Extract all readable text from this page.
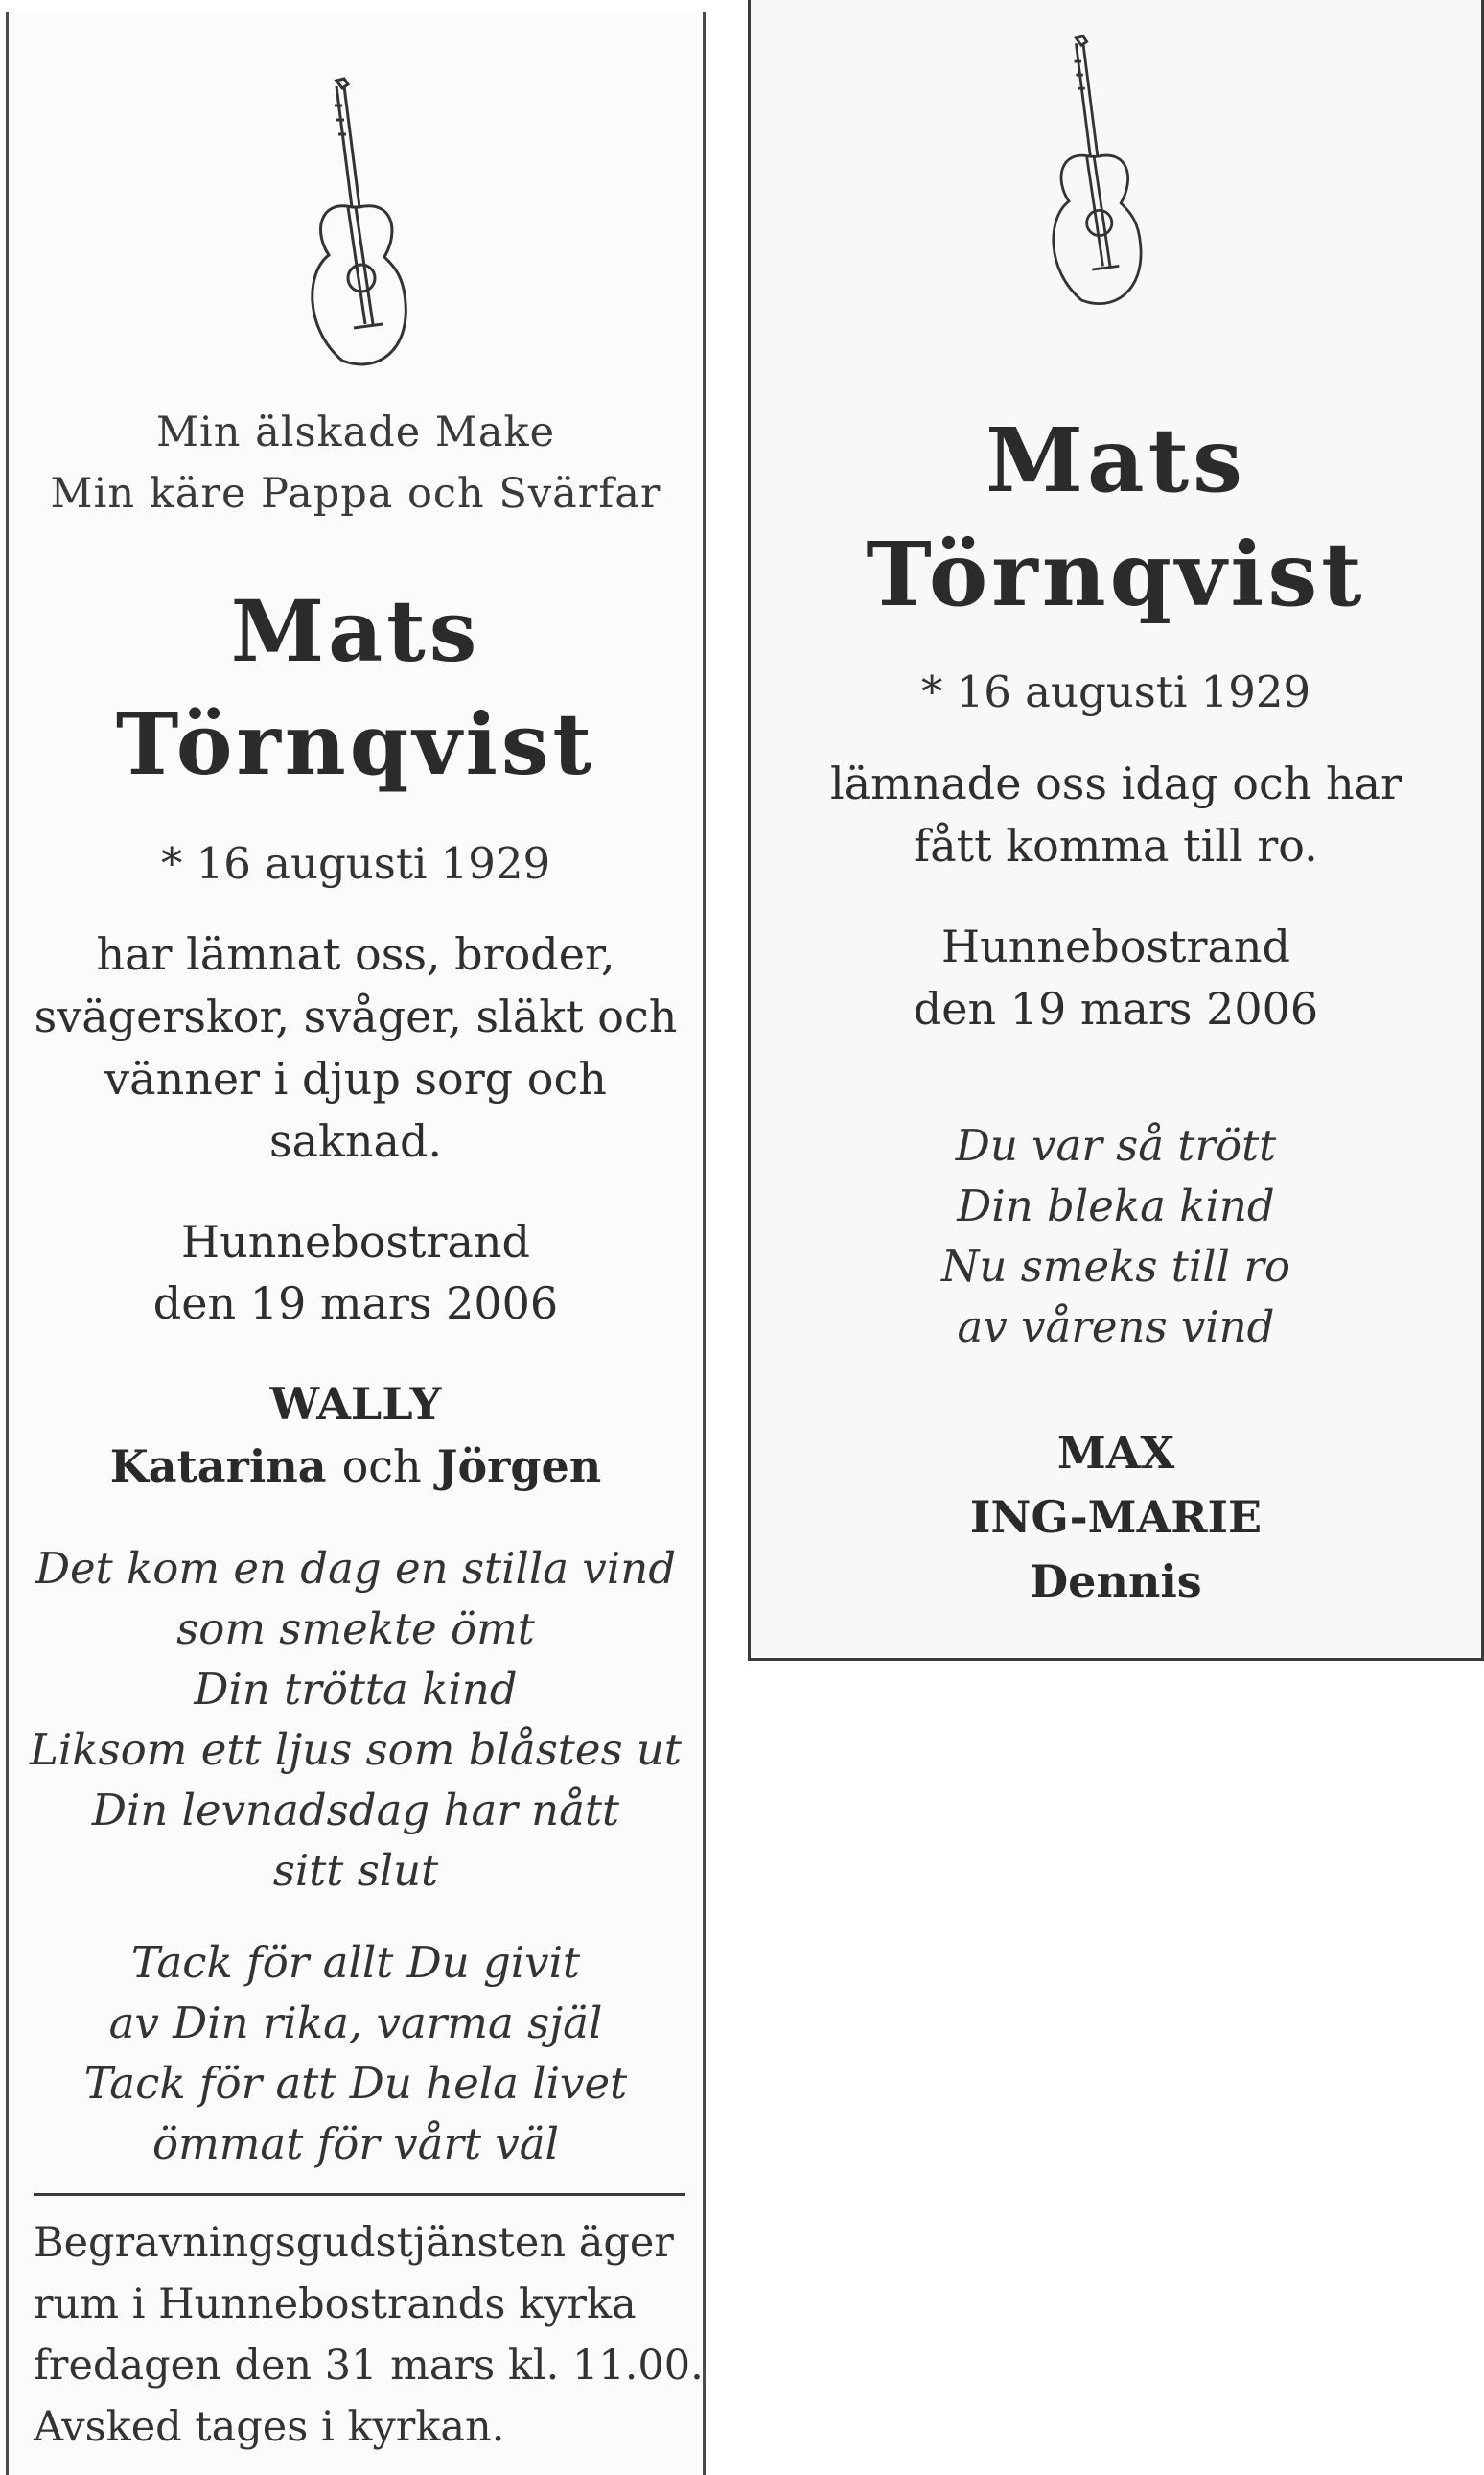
Min älskade Make
Min käre Pappa och Svärfar
Mats
Törnqvist
* 16 augusti 1929
har lämnat oss, broder,
svägerskor, svåger, släkt och
vänner i djup sorg och
saknad.
Hunnebostrand
den 19 mars 2006
WALLY
Katarina och Jörgen
Det kom en dag en stilla vind
som smekte ömt
Din trötta kind
Liksom ett ljus som blåstes ut
Din levnadsdag har nått
sitt slut
Tack för allt Du givit
av Din rika, varma själ
Tack för att Du hela livet
ömmat för vårt väl
Begravningsgudstjänsten äger
rum i Hunnebostrands kyrka
fredagen den 31 mars kl. 11.00.
Avsked tages i kyrkan.
Mats
Törnqvist
* 16 augusti 1929
lämnade oss idag och har
fått komma till ro.
Hunnebostrand
den 19 mars 2006
Du var så trött
Din bleka kind
Nu smeks till ro
av vårens vind
MAX
ING-MARIE
Dennis
